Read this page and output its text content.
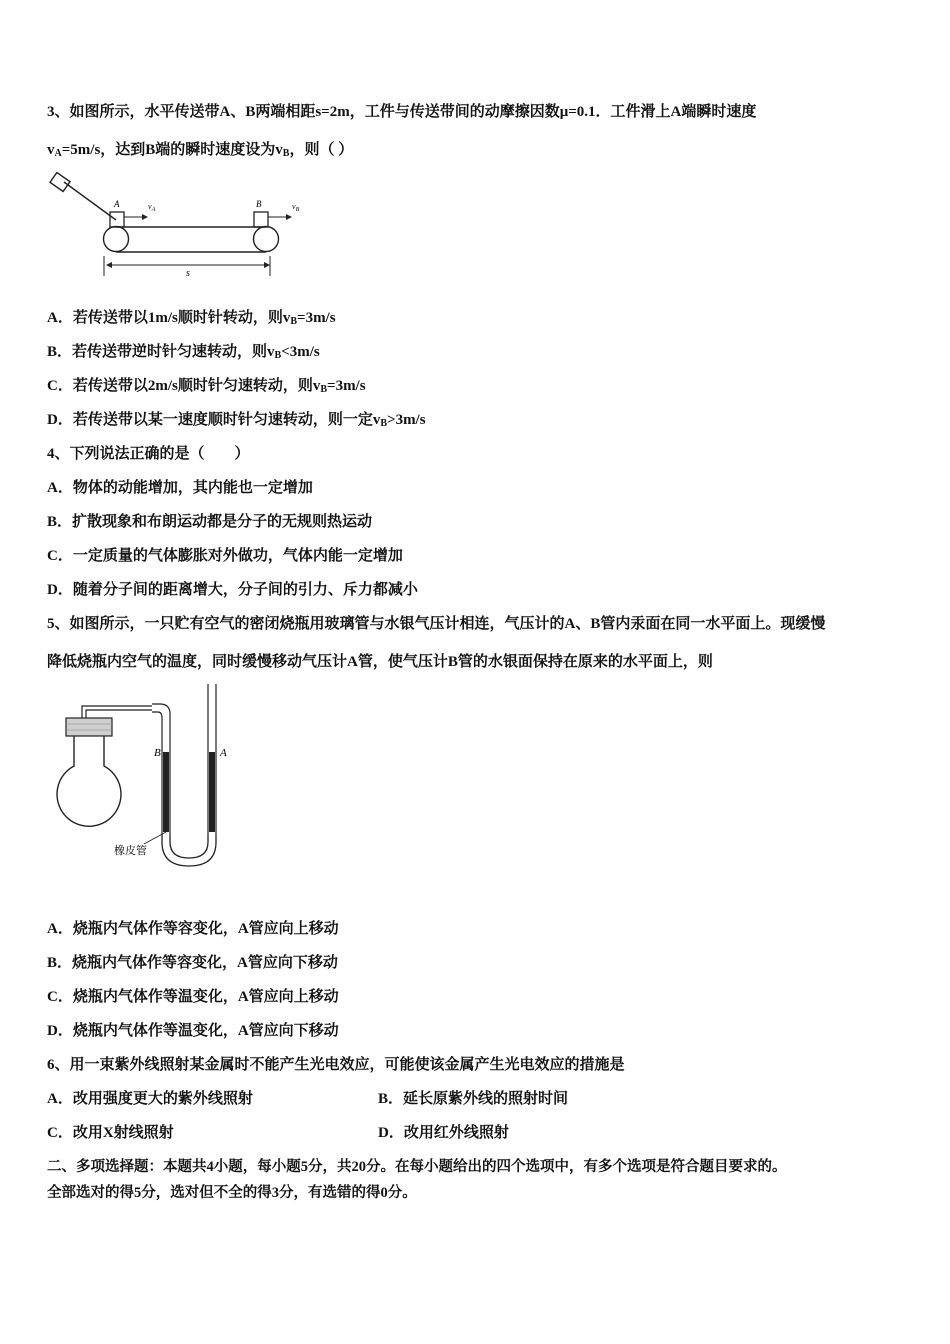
3、如图所示，水平传送带A、B两端相距s=2m，工件与传送带间的动摩擦因数μ=0.1．工件滑上A端瞬时速度
$v_A=5m/s$，达到B端的瞬时速度设为$v_B$，则（ ）
A	B
$v_A$	$v_B$
s
A．若传送带以1m/s顺时针转动，则$v_B=3m/s$
B．若传送带逆时针匀速转动，则$v_B<3m/s$
C．若传送带以2m/s顺时针匀速转动，则$v_B=3m/s$
D．若传送带以某一速度顺时针匀速转动，则一定$v_B>3m/s$
4、下列说法正确的是（　　）
A．物体的动能增加，其内能也一定增加
B．扩散现象和布朗运动都是分子的无规则热运动
C．一定质量的气体膨胀对外做功，气体内能一定增加
D．随着分子间的距离增大，分子间的引力、斥力都减小
5、如图所示，一只贮有空气的密闭烧瓶用玻璃管与水银气压计相连，气压计的A、B管内汞面在同一水平面上。现缓慢
降低烧瓶内空气的温度，同时缓慢移动气压计A管，使气压计B管的水银面保持在原来的水平面上，则
B	A
橡皮管
A．烧瓶内气体作等容变化，A管应向上移动
B．烧瓶内气体作等容变化，A管应向下移动
C．烧瓶内气体作等温变化，A管应向上移动
D．烧瓶内气体作等温变化，A管应向下移动
6、用一束紫外线照射某金属时不能产生光电效应，可能使该金属产生光电效应的措施是
A．改用强度更大的紫外线照射	B．延长原紫外线的照射时间
C．改用X射线照射	D．改用红外线照射
二、多项选择题：本题共4小题，每小题5分，共20分。在每小题给出的四个选项中，有多个选项是符合题目要求的。
全部选对的得5分，选对但不全的得3分，有选错的得0分。
